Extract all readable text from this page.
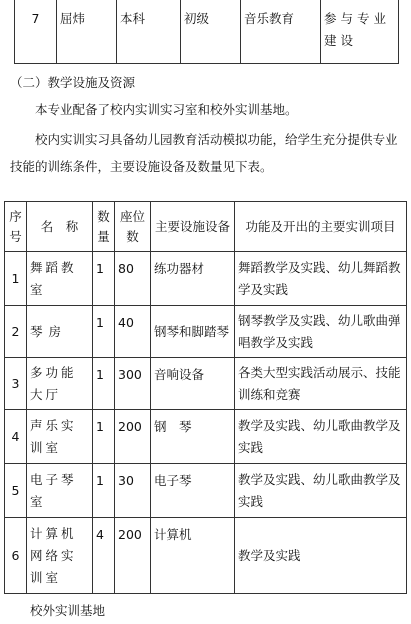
7	屈炜	本科	初级	音乐教育	参与专业建设

（二）教学设施及资源

本专业配备了校内实训实习室和校外实训基地。

校内实训实习具备幼儿园教育活动模拟功能，给学生充分提供专业技能的训练条件，主要设施设备及数量见下表。

序号	名　称	数量	座位数	主要设施设备	功能及开出的主要实训项目
1	舞蹈教室	1	80	练功器材	舞蹈教学及实践、幼儿舞蹈教学及实践
2	琴房	1	40	钢琴和脚踏琴	钢琴教学及实践、幼儿歌曲弹唱教学及实践
3	多功能大厅	1	300	音响设备	各类大型实践活动展示、技能训练和竞赛
4	声乐实训室	1	200	钢　琴	教学及实践、幼儿歌曲教学及实践
5	电子琴室	1	30	电子琴	教学及实践、幼儿歌曲教学及实践
6	计算机网络实训室	4	200	计算机	教学及实践
校外实训基地
